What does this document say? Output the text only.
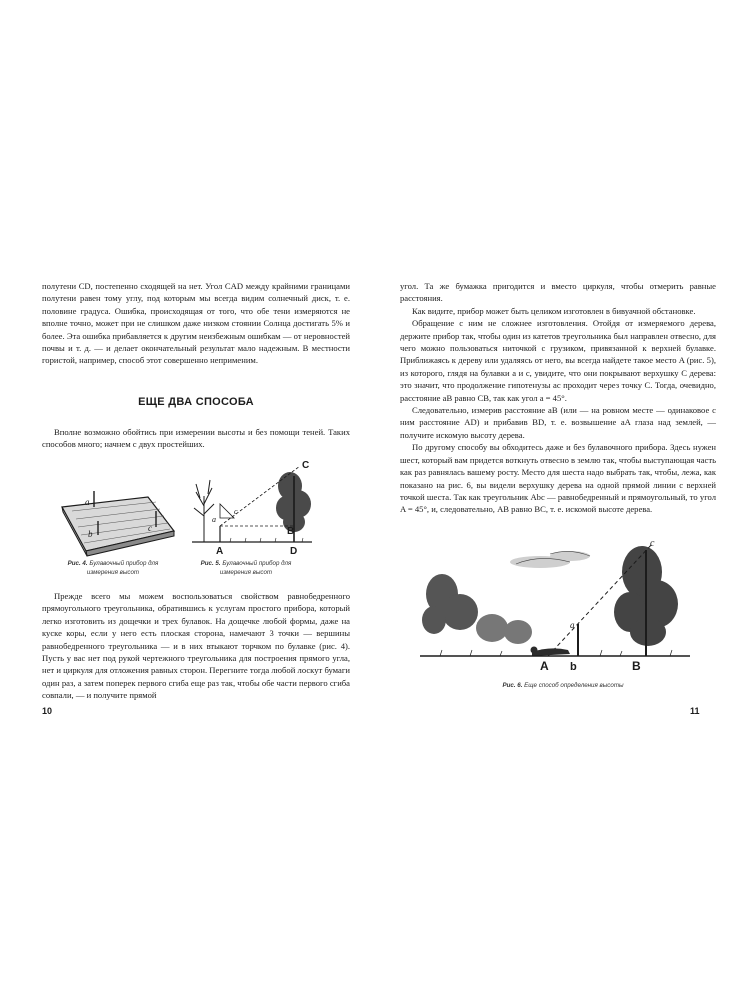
полутени CD, постепенно сходящей на нет. Угол CAD между крайними границами полутени равен тому углу, под которым мы всегда видим солнечный диск, т. е. половине градуса. Ошибка, происходящая от того, что обе тени измеряются не вполне точно, может при не слишком даже низком стоянии Солнца достигать 5% и более. Эта ошибка прибавляется к другим неизбежным ошибкам — от неровностей почвы и т. д. — и делает окончательный результат мало надежным. В местности гористой, например, способ этот совершенно неприменим.

ЕЩЕ ДВА СПОСОБА

Вполне возможно обойтись при измерении высоты и без помощи теней. Таких способов много; начнем с двух простейших.

a
b
c
Рис. 4. Булавочный прибор для измерения высот
a
c
A
B
C
D
Рис. 5. Булавочный прибор для измерения высот

Прежде всего мы можем воспользоваться свойством равнобедренного прямоугольного треугольника, обратившись к услугам простого прибора, который легко изготовить из дощечки и трех булавок. На дощечке любой формы, даже на куске коры, если у него есть плоская сторона, намечают 3 точки — вершины равнобедренного треугольника — и в них втыкают торчком по булавке (рис. 4). Пусть у вас нет под рукой чертежного треугольника для построения прямого угла, нет и циркуля для отложения равных сторон. Перегните тогда любой лоскут бумаги один раз, а затем поперек первого сгиба еще раз так, чтобы обе части первого сгиба совпали, — и получите прямой

10

угол. Та же бумажка пригодится и вместо циркуля, чтобы отмерить равные расстояния.

Как видите, прибор может быть целиком изготовлен в бивуачной обстановке.

Обращение с ним не сложнее изготовления. Отойдя от измеряемого дерева, держите прибор так, чтобы один из катетов треугольника был направлен отвесно, для чего можно пользоваться ниточкой с грузиком, привязанной к верхней булавке. Приближаясь к дереву или удаляясь от него, вы всегда найдете такое место A (рис. 5), из которого, глядя на булавки a и c, увидите, что они покрывают верхушку C дерева: это значит, что продолжение гипотенузы ac проходит через точку C. Тогда, очевидно, расстояние aB равно CB, так как угол a = 45°.

Следовательно, измерив расстояние aB (или — на ровном месте — одинаковое с ним расстояние AD) и прибавив BD, т. е. возвышение aA глаза над землей, — получите искомую высоту дерева.

По другому способу вы обходитесь даже и без булавочного прибора. Здесь нужен шест, который вам придется воткнуть отвесно в землю так, чтобы выступающая часть как раз равнялась вашему росту. Место для шеста надо выбрать так, чтобы, лежа, как показано на рис. 6, вы видели верхушку дерева на одной прямой линии с верхней точкой шеста. Так как треугольник Abc — равнобедренный и прямоугольный, то угол A = 45°, и, следовательно, AB равно BC, т. е. искомой высоте дерева.

a
b
c
A	B
Рис. 6. Еще способ определения высоты
11
